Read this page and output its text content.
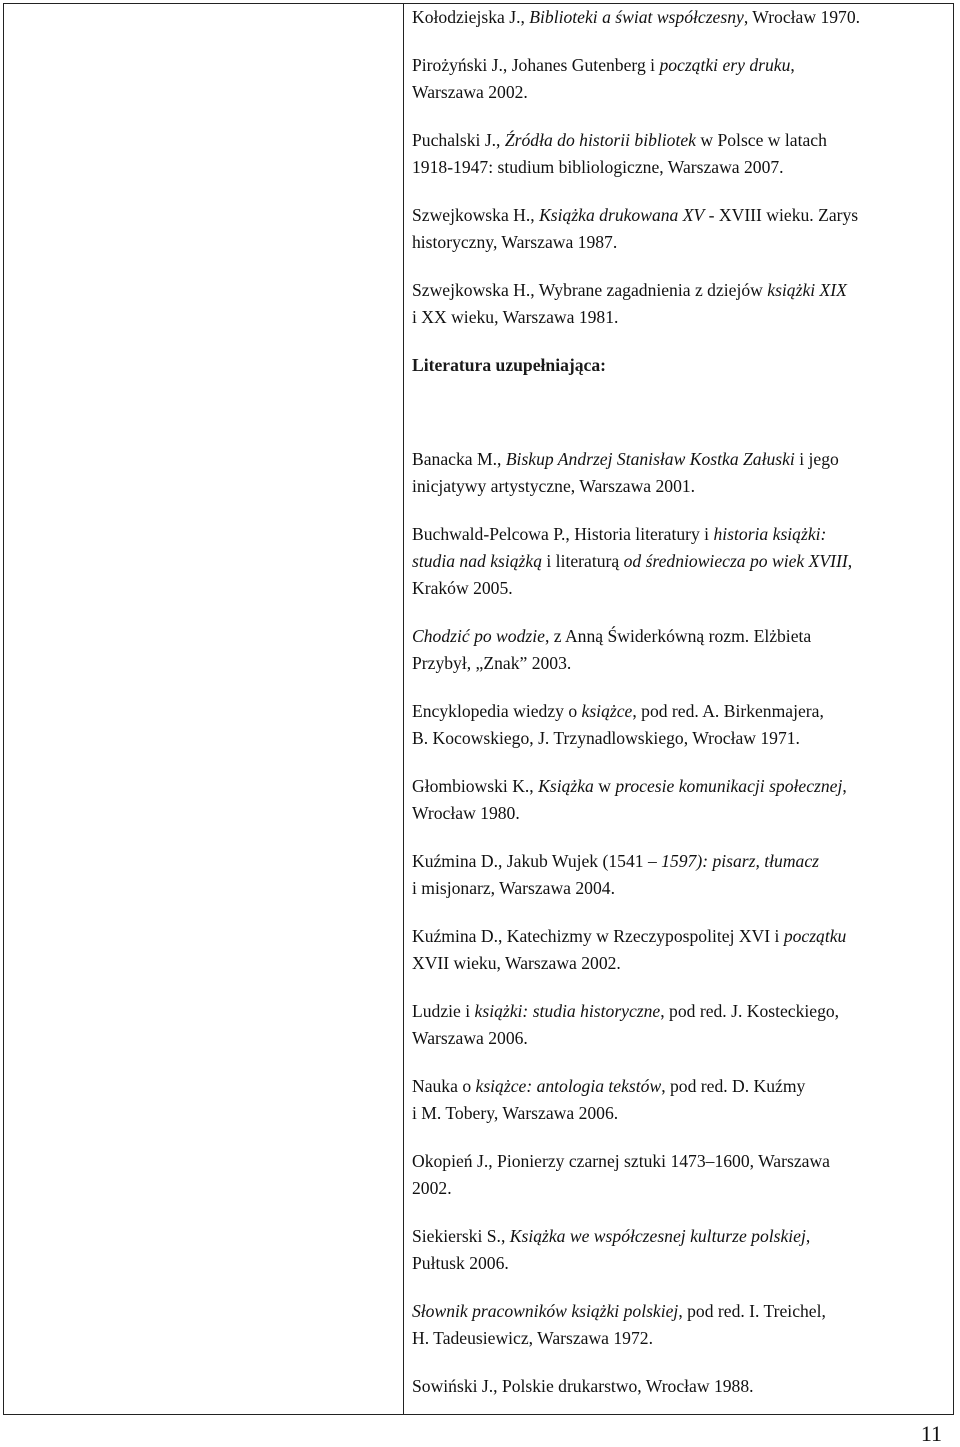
Kołodziejska J., Biblioteki a świat współczesny, Wrocław 1970.

Pirożyński J., Johanes Gutenberg i początki ery druku,
Warszawa 2002.

Puchalski J., Źródła do historii bibliotek w Polsce w latach
1918-1947: studium bibliologiczne, Warszawa 2007.

Szwejkowska H., Książka drukowana XV - XVIII wieku. Zarys
historyczny, Warszawa 1987.

Szwejkowska H., Wybrane zagadnienia z dziejów książki XIX
i XX wieku, Warszawa 1981.

Literatura uzupełniająca:

Banacka M., Biskup Andrzej Stanisław Kostka Załuski i jego
inicjatywy artystyczne, Warszawa 2001.

Buchwald-Pelcowa P., Historia literatury i historia książki:
studia nad książką i literaturą od średniowiecza po wiek XVIII,
Kraków 2005.

Chodzić po wodzie, z Anną Świderkówną rozm. Elżbieta
Przybył, „Znak” 2003.

Encyklopedia wiedzy o książce, pod red. A. Birkenmajera,
B. Kocowskiego, J. Trzynadlowskiego, Wrocław 1971.

Głombiowski K., Książka w procesie komunikacji społecznej,
Wrocław 1980.

Kuźmina D., Jakub Wujek (1541 – 1597): pisarz, tłumacz
i misjonarz, Warszawa 2004.

Kuźmina D., Katechizmy w Rzeczypospolitej XVI i początku
XVII wieku, Warszawa 2002.

Ludzie i książki: studia historyczne, pod red. J. Kosteckiego,
Warszawa 2006.

Nauka o książce: antologia tekstów, pod red. D. Kuźmy
i M. Tobery, Warszawa 2006.

Okopień J., Pionierzy czarnej sztuki 1473–1600, Warszawa
2002.

Siekierski S., Książka we współczesnej kulturze polskiej,
Pułtusk 2006.

Słownik pracowników książki polskiej, pod red. I. Treichel,
H. Tadeusiewicz, Warszawa 1972.

Sowiński J., Polskie drukarstwo, Wrocław 1988.

11
